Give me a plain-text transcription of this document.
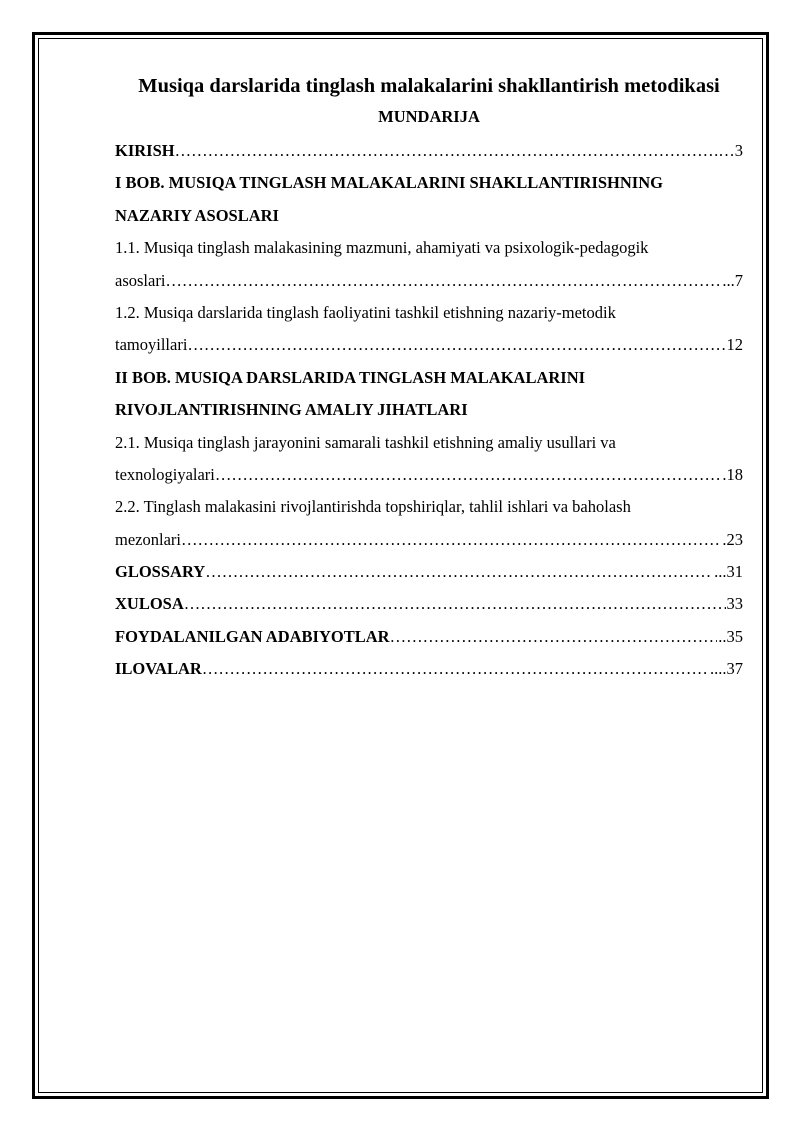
Musiqa darslarida tinglash malakalarini shakllantirish metodikasi
MUNDARIJA
KIRISH ……………………………………………………………………………………………………………………………………………	.…3
I BOB. MUSIQA TINGLASH MALAKALARINI SHAKLLANTIRISHNING
NAZARIY ASOSLARI
1.1. Musiqa tinglash malakasining mazmuni, ahamiyati va psixologik-pedagogik
asoslari ……………………………………………………………………………………………………………………………………………	...7
1.2. Musiqa darslarida tinglash faoliyatini tashkil etishning nazariy-metodik
tamoyillari ……………………………………………………………………………………………………………………………………………	12
II BOB. MUSIQA DARSLARIDA TINGLASH MALAKALARINI
RIVOJLANTIRISHNING AMALIY JIHATLARI
2.1. Musiqa tinglash jarayonini samarali tashkil etishning amaliy usullari va
texnologiyalari ……………………………………………………………………………………………………………………………………………	.18
2.2. Tinglash malakasini rivojlantirishda topshiriqlar, tahlil ishlari va baholash
mezonlari ……………………………………………………………………………………………………………………………………………	.23
GLOSSARY ……………………………………………………………………………………………………………………………………………	...31
XULOSA ……………………………………………………………………………………………………………………………………………	33
FOYDALANILGAN ADABIYOTLAR ……………………………………………………………………………………………………………………………………………	..35
ILOVALAR ……………………………………………………………………………………………………………………………………………	....37
